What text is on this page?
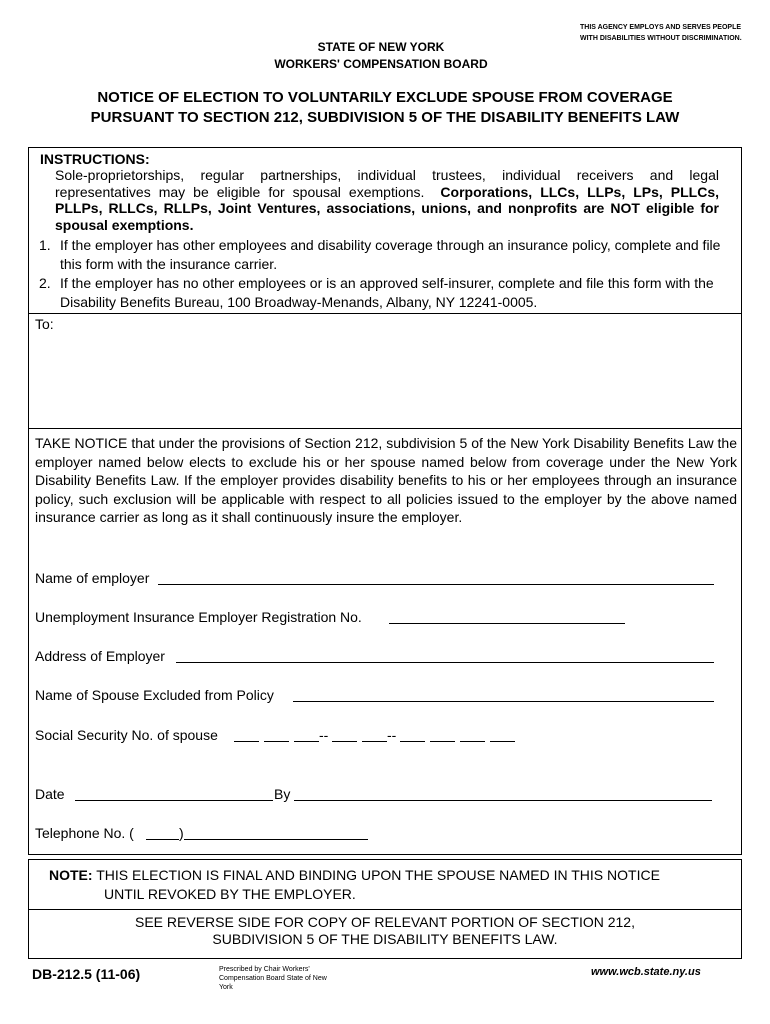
THIS AGENCY EMPLOYS AND SERVES PEOPLE WITH DISABILITIES WITHOUT DISCRIMINATION.
STATE OF NEW YORK
WORKERS' COMPENSATION BOARD
NOTICE OF ELECTION TO VOLUNTARILY EXCLUDE SPOUSE FROM COVERAGE
PURSUANT TO SECTION 212, SUBDIVISION 5 OF THE DISABILITY BENEFITS LAW
INSTRUCTIONS:
Sole-proprietorships, regular partnerships, individual trustees, individual receivers and legal representatives may be eligible for spousal exemptions. Corporations, LLCs, LLPs, LPs, PLLCs, PLLPs, RLLCs, RLLPs, Joint Ventures, associations, unions, and nonprofits are NOT eligible for spousal exemptions.
1. If the employer has other employees and disability coverage through an insurance policy, complete and file this form with the insurance carrier.
2. If the employer has no other employees or is an approved self-insurer, complete and file this form with the Disability Benefits Bureau, 100 Broadway-Menands, Albany, NY 12241-0005.
To:
TAKE NOTICE that under the provisions of Section 212, subdivision 5 of the New York Disability Benefits Law the employer named below elects to exclude his or her spouse named below from coverage under the New York Disability Benefits Law. If the employer provides disability benefits to his or her employees through an insurance policy, such exclusion will be applicable with respect to all policies issued to the employer by the above named insurance carrier as long as it shall continuously insure the employer.
Name of employer
Unemployment Insurance Employer Registration No.
Address of Employer
Name of Spouse Excluded from Policy
Social Security No. of spouse	--	--
Date	By
Telephone No. (	)
NOTE: THIS ELECTION IS FINAL AND BINDING UPON THE SPOUSE NAMED IN THIS NOTICE
UNTIL REVOKED BY THE EMPLOYER.
SEE REVERSE SIDE FOR COPY OF RELEVANT PORTION OF SECTION 212,
SUBDIVISION 5 OF THE DISABILITY BENEFITS LAW.
DB-212.5 (11-06)	Prescribed by Chair Workers' Compensation Board State of New York
www.wcb.state.ny.us
